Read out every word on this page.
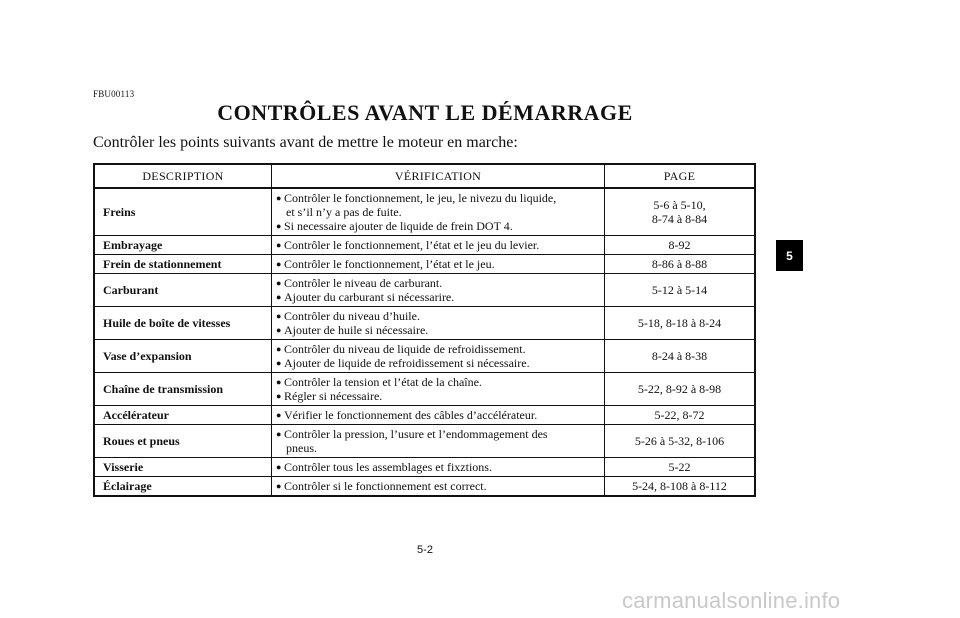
FBU00113
CONTRÔLES AVANT LE DÉMARRAGE
Contrôler les points suivants avant de mettre le moteur en marche:
DESCRIPTION	VÉRIFICATION	PAGE
Freins	● Contrôler le fonctionnement, le jeu, le nivezu du liquide,
et s’il n’y a pas de fuite.
● Si necessaire ajouter de liquide de frein DOT 4.	5-6 à 5-10,
8-74 à 8-84

Embrayage	● Contrôler le fonctionnement, l’état et le jeu du levier.	8-92

Frein de stationnement	● Contrôler le fonctionnement, l’état et le jeu.	8-86 à 8-88

Carburant	● Contrôler le niveau de carburant.
● Ajouter du carburant si nécessarire.	5-12 à 5-14

Huile de boîte de vitesses	● Contrôler du niveau d’huile.
● Ajouter de huile si nécessaire.	5-18, 8-18 à 8-24

Vase d’expansion	● Contrôler du niveau de liquide de refroidissement.
● Ajouter de liquide de refroidissement si nécessaire.	8-24 à 8-38

Chaîne de transmission	● Contrôler la tension et l’état de la chaîne.
● Régler si nécessaire.	5-22, 8-92 à 8-98

Accélérateur	● Vérifier le fonctionnement des câbles d’accélérateur.	5-22, 8-72

Roues et pneus	● Contrôler la pression, l’usure et l’endommagement des
pneus.	5-26 à 5-32, 8-106

Visserie	● Contrôler tous les assemblages et fixztions.	5-22

Éclairage	● Contrôler si le fonctionnement est correct.	5-24, 8-108 à 8-112
5
5-2
carmanualsonline.info
